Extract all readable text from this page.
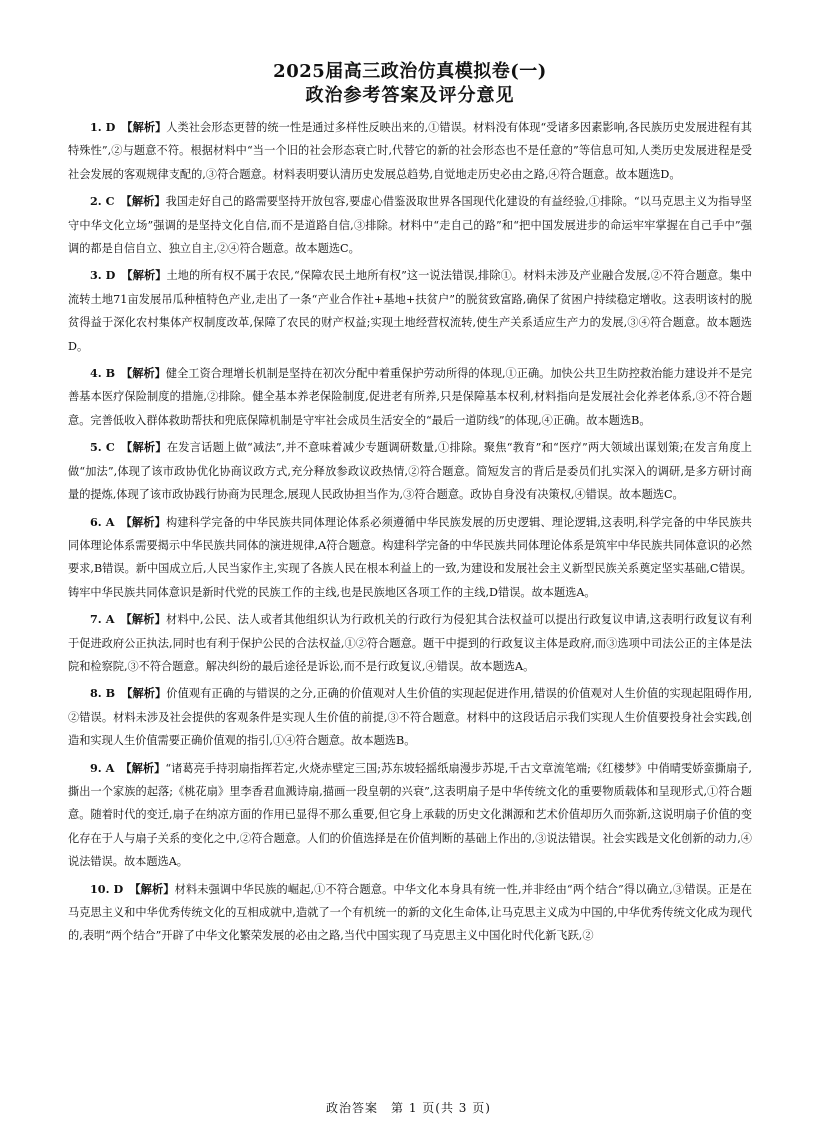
2025届高三政治仿真模拟卷(一)
政治参考答案及评分意见

1. D 【解析】人类社会形态更替的统一性是通过多样性反映出来的,①错误。材料没有体现“受诸多因素影响,各民族历史发展进程有其特殊性”,②与题意不符。根据材料中“当一个旧的社会形态衰亡时,代替它的新的社会形态也不是任意的”等信息可知,人类历史发展进程是受社会发展的客观规律支配的,③符合题意。材料表明要认清历史发展总趋势,自觉地走历史必由之路,④符合题意。故本题选D。

2. C 【解析】我国走好自己的路需要坚持开放包容,要虚心借鉴汲取世界各国现代化建设的有益经验,①排除。“以马克思主义为指导坚守中华文化立场”强调的是坚持文化自信,而不是道路自信,③排除。材料中“走自己的路”和“把中国发展进步的命运牢牢掌握在自己手中”强调的都是自信自立、独立自主,②④符合题意。故本题选C。

3. D 【解析】土地的所有权不属于农民,“保障农民土地所有权”这一说法错误,排除①。材料未涉及产业融合发展,②不符合题意。集中流转土地71亩发展吊瓜种植特色产业,走出了一条“产业合作社+基地+扶贫户”的脱贫致富路,确保了贫困户持续稳定增收。这表明该村的脱贫得益于深化农村集体产权制度改革,保障了农民的财产权益;实现土地经营权流转,使生产关系适应生产力的发展,③④符合题意。故本题选D。

4. B 【解析】健全工资合理增长机制是坚持在初次分配中着重保护劳动所得的体现,①正确。加快公共卫生防控救治能力建设并不是完善基本医疗保险制度的措施,②排除。健全基本养老保险制度,促进老有所养,只是保障基本权利,材料指向是发展社会化养老体系,③不符合题意。完善低收入群体救助帮扶和兜底保障机制是守牢社会成员生活安全的“最后一道防线”的体现,④正确。故本题选B。

5. C 【解析】在发言话题上做“减法”,并不意味着减少专题调研数量,①排除。聚焦“教育”和“医疗”两大领域出谋划策;在发言角度上做“加法”,体现了该市政协优化协商议政方式,充分释放参政议政热情,②符合题意。简短发言的背后是委员们扎实深入的调研,是多方研讨商量的提炼,体现了该市政协践行协商为民理念,展现人民政协担当作为,③符合题意。政协自身没有决策权,④错误。故本题选C。

6. A 【解析】构建科学完备的中华民族共同体理论体系必须遵循中华民族发展的历史逻辑、理论逻辑,这表明,科学完备的中华民族共同体理论体系需要揭示中华民族共同体的演进规律,A符合题意。构建科学完备的中华民族共同体理论体系是筑牢中华民族共同体意识的必然要求,B错误。新中国成立后,人民当家作主,实现了各族人民在根本利益上的一致,为建设和发展社会主义新型民族关系奠定坚实基础,C错误。铸牢中华民族共同体意识是新时代党的民族工作的主线,也是民族地区各项工作的主线,D错误。故本题选A。

7. A 【解析】材料中,公民、法人或者其他组织认为行政机关的行政行为侵犯其合法权益可以提出行政复议申请,这表明行政复议有利于促进政府公正执法,同时也有利于保护公民的合法权益,①②符合题意。题干中提到的行政复议主体是政府,而③选项中司法公正的主体是法院和检察院,③不符合题意。解决纠纷的最后途径是诉讼,而不是行政复议,④错误。故本题选A。

8. B 【解析】价值观有正确的与错误的之分,正确的价值观对人生价值的实现起促进作用,错误的价值观对人生价值的实现起阻碍作用,②错误。材料未涉及社会提供的客观条件是实现人生价值的前提,③不符合题意。材料中的这段话启示我们实现人生价值要投身社会实践,创造和实现人生价值需要正确价值观的指引,①④符合题意。故本题选B。

9. A 【解析】“诸葛亮手持羽扇指挥若定,火烧赤壁定三国;苏东坡轻摇纸扇漫步苏堤,千古文章流笔端;《红楼梦》中俏晴雯娇蛮撕扇子,撕出一个家族的起落;《桃花扇》里李香君血溅诗扇,描画一段皇朝的兴衰”,这表明扇子是中华传统文化的重要物质载体和呈现形式,①符合题意。随着时代的变迁,扇子在纳凉方面的作用已显得不那么重要,但它身上承载的历史文化渊源和艺术价值却历久而弥新,这说明扇子价值的变化存在于人与扇子关系的变化之中,②符合题意。人们的价值选择是在价值判断的基础上作出的,③说法错误。社会实践是文化创新的动力,④说法错误。故本题选A。

10. D 【解析】材料未强调中华民族的崛起,①不符合题意。中华文化本身具有统一性,并非经由“两个结合”得以确立,③错误。正是在马克思主义和中华优秀传统文化的互相成就中,造就了一个有机统一的新的文化生命体,让马克思主义成为中国的,中华优秀传统文化成为现代的,表明“两个结合”开辟了中华文化繁荣发展的必由之路,当代中国实现了马克思主义中国化时代化新飞跃,②

政治答案　第 1 页(共 3 页)
